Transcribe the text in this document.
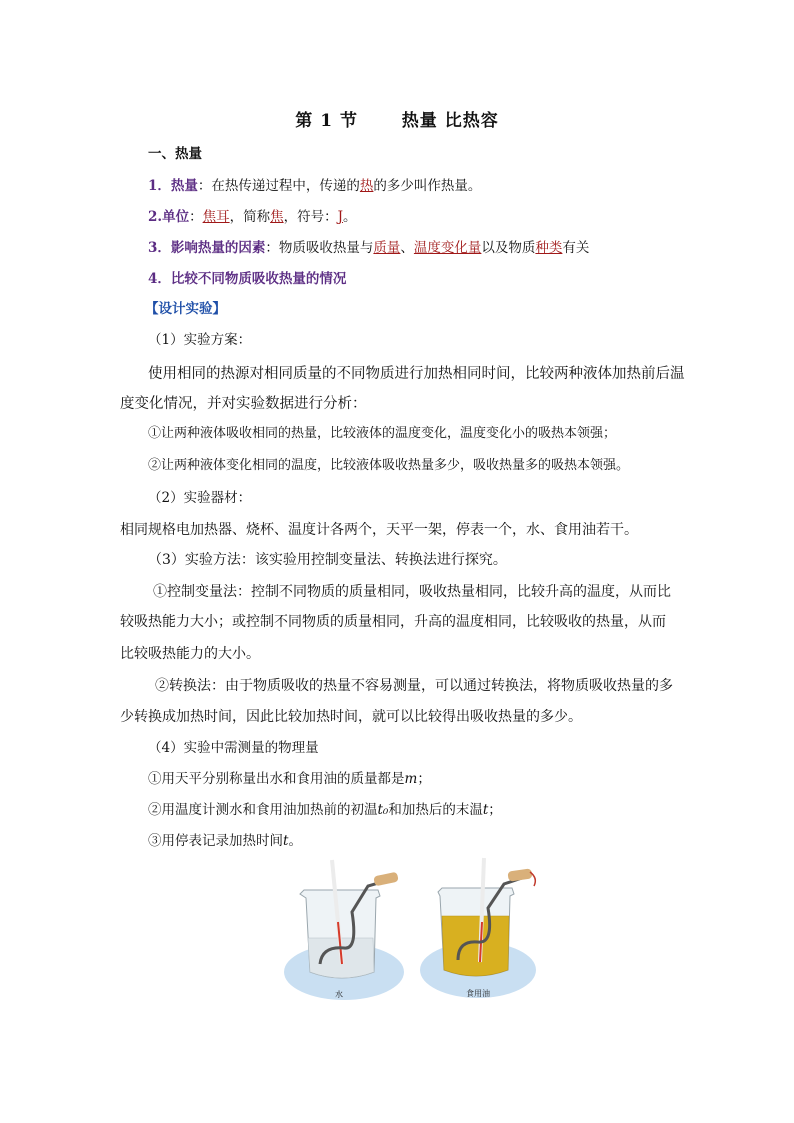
第 1 节	热量 比热容
一、热量
1．热量：在热传递过程中，传递的热的多少叫作热量。
2.单位：焦耳，简称焦，符号：J。
3．影响热量的因素：物质吸收热量与质量、温度变化量以及物质种类有关
4．比较不同物质吸收热量的情况
【设计实验】
（1）实验方案：
使用相同的热源对相同质量的不同物质进行加热相同时间，比较两种液体加热前后温
度变化情况，并对实验数据进行分析：
①让两种液体吸收相同的热量，比较液体的温度变化，温度变化小的吸热本领强；
②让两种液体变化相同的温度，比较液体吸收热量多少，吸收热量多的吸热本领强。
（2）实验器材：
相同规格电加热器、烧杯、温度计各两个，天平一架，停表一个，水、食用油若干。
（3）实验方法：该实验用控制变量法、转换法进行探究。
①控制变量法：控制不同物质的质量相同，吸收热量相同，比较升高的温度，从而比
较吸热能力大小；或控制不同物质的质量相同，升高的温度相同，比较吸收的热量，从而
比较吸热能力的大小。
②转换法：由于物质吸收的热量不容易测量，可以通过转换法，将物质吸收热量的多
少转换成加热时间，因此比较加热时间，就可以比较得出吸收热量的多少。
（4）实验中需测量的物理量
①用天平分别称量出水和食用油的质量都是m；
②用温度计测水和食用油加热前的初温t₀和加热后的末温t；
③用停表记录加热时间t。
水	食用油
